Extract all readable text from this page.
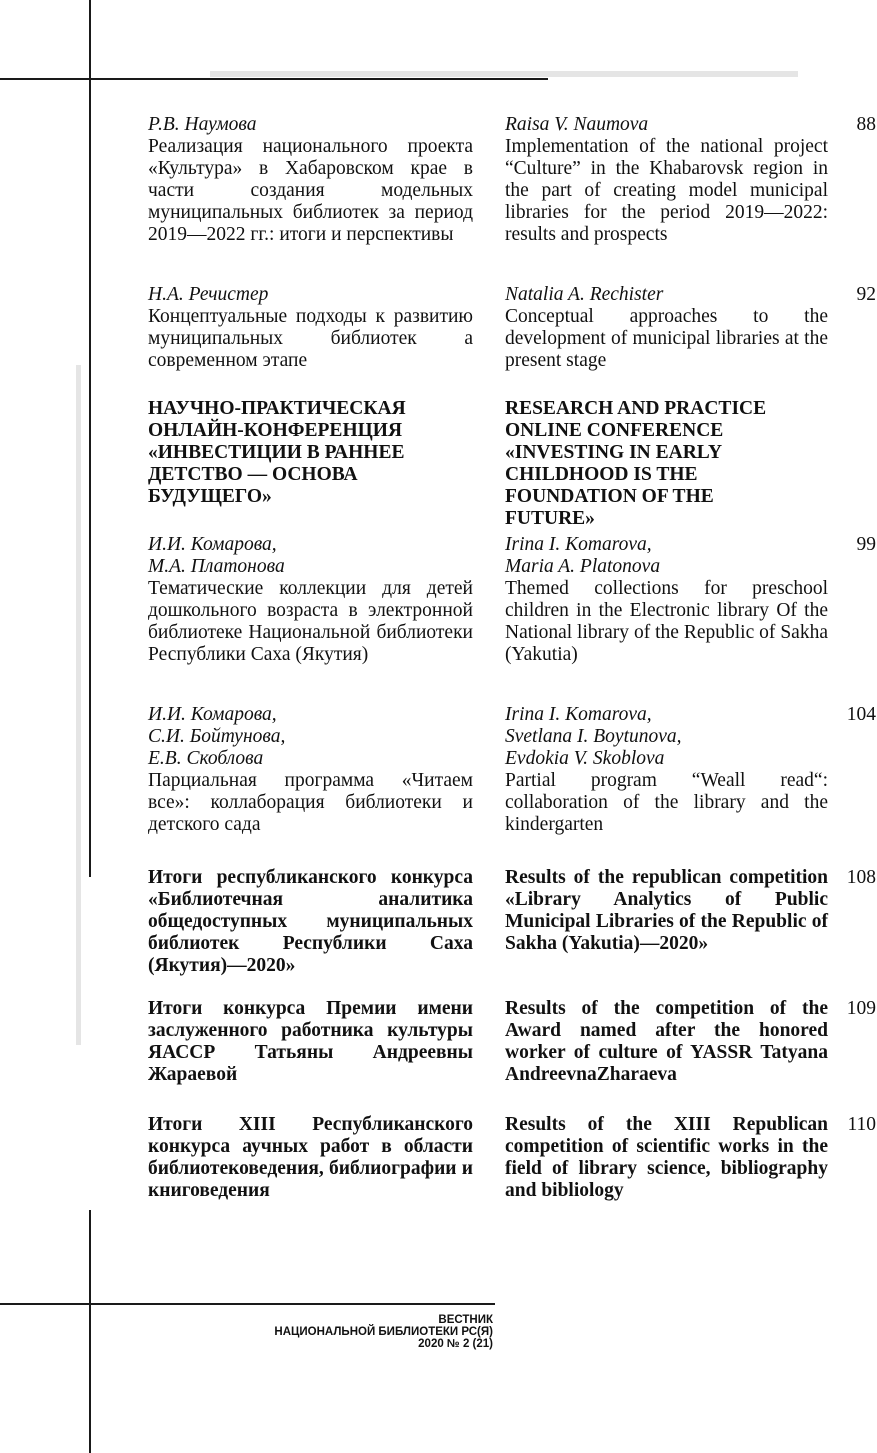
Р.В. Наумова
Реализация национального проекта «Культура» в Хабаровском крае в части создания модельных муниципальных библиотек за период 2019—2022 гг.: итоги и перспективы
Raisa V. Naumova
Implementation of the national project “Culture” in the Khabarovsk region in the part of creating model municipal libraries for the period 2019—2022: results and prospects
88
Н.А. Речистер
Концептуальные подходы к развитию муниципальных библиотек а современном этапе
Natalia A. Rechister
Conceptual approaches to the development of municipal libraries at the present stage
92
НАУЧНО-ПРАКТИЧЕСКАЯ ОНЛАЙН-КОНФЕРЕНЦИЯ «ИНВЕСТИЦИИ В РАННЕЕ ДЕТСТВО — ОСНОВА БУДУЩЕГО»
RESEARCH AND PRACTICE ONLINE CONFERENCE «INVESTING IN EARLY CHILDHOOD IS THE FOUNDATION OF THE FUTURE»
И.И. Комарова, М.А. Платонова
Тематические коллекции для детей дошкольного возраста в электронной библиотеке Национальной библиотеки Республики Саха (Якутия)
Irina I. Komarova, Maria A. Platonova
Themed collections for preschool children in the Electronic library Of the National library of the Republic of Sakha (Yakutia)
99
И.И. Комарова, С.И. Бойтунова, Е.В. Скоблова
Парциальная программа «Читаем все»: коллаборация библиотеки и детского сада
Irina I. Komarova, Svetlana I. Boytunova, Evdokia V. Skoblova
Partial program “Weall read“: collaboration of the library and the kindergarten
104
Итоги республиканского конкурса «Библиотечная аналитика общедоступных муниципальных библиотек Республики Саха (Якутия)—2020»
Results of the republican competition «Library Analytics of Public Municipal Libraries of the Republic of Sakha (Yakutia)—2020»
108
Итоги конкурса Премии имени заслуженного работника культуры ЯАССР Татьяны Андреевны Жараевой
Results of the competition of the Award named after the honored worker of culture of YASSR Tatyana AndreevnaZharaeva
109
Итоги XIII Республиканского конкурса аучных работ в области библиотековедения, библиографии и книговедения
Results of the XIII Republican competition of scientific works in the field of library science, bibliography and bibliology
110
ВЕСТНИК
НАЦИОНАЛЬНОЙ БИБЛИОТЕКИ РС(Я)
2020 № 2 (21)
